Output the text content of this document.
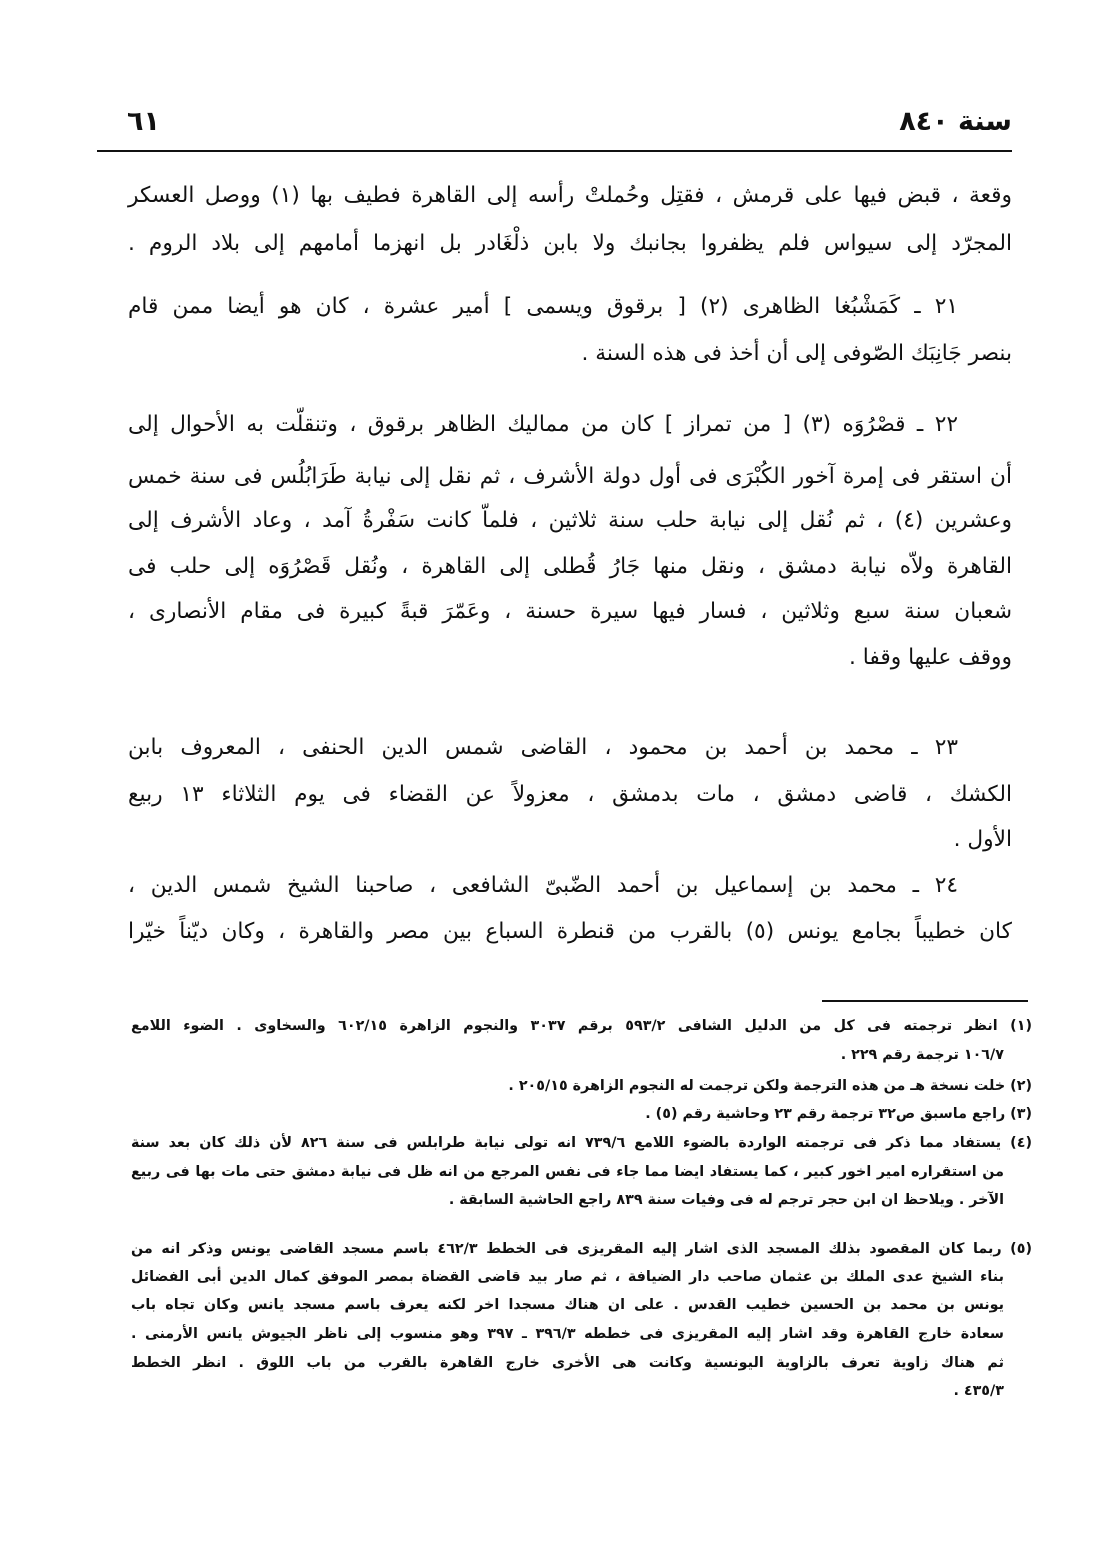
سنة ٨٤٠
٦١
وقعة ، قبض فيها على قرمش ، فقتِل وحُملتْ رأسه إلى القاهرة فطيف بها (١) ووصل العسكر
المجرّد إلى سيواس فلم يظفروا بجانبك ولا بابن ذلْغَادر بل انهزما أمامهم إلى بلاد الروم .
٢١ ـ كَمَشْبُغا الظاهرى (٢) [ برقوق ويسمى ] أمير عشرة ، كان هو أيضا ممن قام
بنصر جَانِبَك الصّوفى إلى أن أخذ فى هذه السنة .
٢٢ ـ قصْرُوَه (٣) [ من تمراز ] كان من مماليك الظاهر برقوق ، وتنقلّت به الأحوال إلى
أن استقر فى إمرة آخور الكُبْرَى فى أول دولة الأشرف ، ثم نقل إلى نيابة طَرَابُلُس فى سنة خمس
وعشرين (٤) ، ثم نُقل إلى نيابة حلب سنة ثلاثين ، فلماّ كانت سَفْرةُ آمد ، وعاد الأشرف إلى
القاهرة ولاّه نيابة دمشق ، ونقل منها جَارُ قُطلى إلى القاهرة ، ونُقل قَصْرُوَه إلى حلب فى
شعبان سنة سبع وثلاثين ، فسار فيها سيرة حسنة ، وعَمّرَ قبةً كبيرة فى مقام الأنصارى ،
ووقف عليها وقفا .
٢٣ ـ محمد بن أحمد بن محمود ، القاضى شمس الدين الحنفى ، المعروف بابن
الكشك ، قاضى دمشق ، مات بدمشق ، معزولاً عن القضاء فى يوم الثلاثاء ١٣ ربيع
الأول .
٢٤ ـ محمد بن إسماعيل بن أحمد الضّبىّ الشافعى ، صاحبنا الشيخ شمس الدين ،
كان خطيباً بجامع يونس (٥) بالقرب من قنطرة السباع بين مصر والقاهرة ، وكان ديّناً خيّرا
(١) انظر ترجمته فى كل من الدليل الشافى ٥٩٣/٢ برقم ٣٠٣٧ والنجوم الزاهرة ٦٠٢/١٥ والسخاوى . الضوء اللامع
١٠٦/٧ ترجمة رقم ٢٢٩ .
(٢) خلت نسخة هـ من هذه الترجمة ولكن ترجمت له النجوم الزاهرة ٢٠٥/١٥ .
(٣) راجع ماسبق ص٣٢ ترجمة رقم ٢٣ وحاشية رقم (٥) .
(٤) يستفاد مما ذكر فى ترجمته الواردة بالضوء اللامع ٧٣٩/٦ انه تولى نيابة طرابلس فى سنة ٨٢٦ لأن ذلك كان بعد سنة
من استقراره امير اخور كبير ، كما يستفاد ايضا مما جاء فى نفس المرجع من انه ظل فى نيابة دمشق حتى مات بها فى ربيع
الآخر . ويلاحظ ان ابن حجر ترجم له فى وفيات سنة ٨٣٩ راجع الحاشية السابقة .
(٥) ربما كان المقصود بذلك المسجد الذى اشار إليه المقريزى فى الخطط ٤٦٢/٣ باسم مسجد القاضى يونس وذكر انه من
بناء الشيخ عدى الملك بن عثمان صاحب دار الضيافة ، ثم صار بيد قاضى القضاة بمصر الموفق كمال الدين أبى الفضائل
يونس بن محمد بن الحسين خطيب القدس . على ان هناك مسجدا اخر لكنه يعرف باسم مسجد يانس وكان تجاه باب
سعادة خارج القاهرة وقد اشار إليه المقريزى فى خططه ٣٩٦/٣ ـ ٣٩٧ وهو منسوب إلى ناظر الجيوش يانس الأرمنى .
ثم هناك زاوية تعرف بالزاوية اليونسية وكانت هى الأخرى خارج القاهرة بالقرب من باب اللوق . انظر الخطط
٤٣٥/٣ .
